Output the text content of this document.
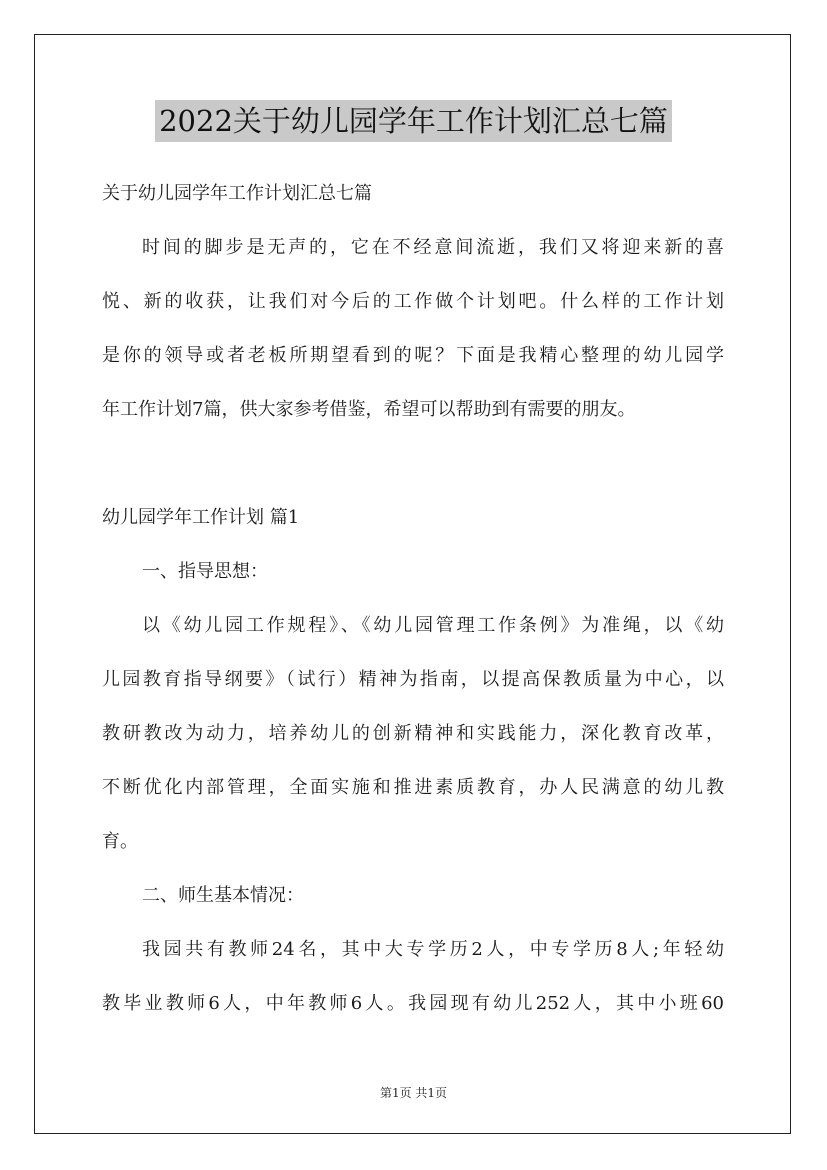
2022关于幼儿园学年工作计划汇总七篇
关于幼儿园学年工作计划汇总七篇
时间的脚步是无声的，它在不经意间流逝，我们又将迎来新的喜
悦、新的收获，让我们对今后的工作做个计划吧。什么样的工作计划
是你的领导或者老板所期望看到的呢？下面是我精心整理的幼儿园学
年工作计划7篇，供大家参考借鉴，希望可以帮助到有需要的朋友。
幼儿园学年工作计划 篇1
一、指导思想：
以《幼儿园工作规程》、《幼儿园管理工作条例》为准绳，以《幼
儿园教育指导纲要》（试行）精神为指南，以提高保教质量为中心，以
教研教改为动力，培养幼儿的创新精神和实践能力，深化教育改革，
不断优化内部管理，全面实施和推进素质教育，办人民满意的幼儿教
育。
二、师生基本情况：
我园共有教师24名，其中大专学历2人，中专学历8人;年轻幼
教毕业教师6人，中年教师6人。我园现有幼儿252人，其中小班60
第1页 共1页
